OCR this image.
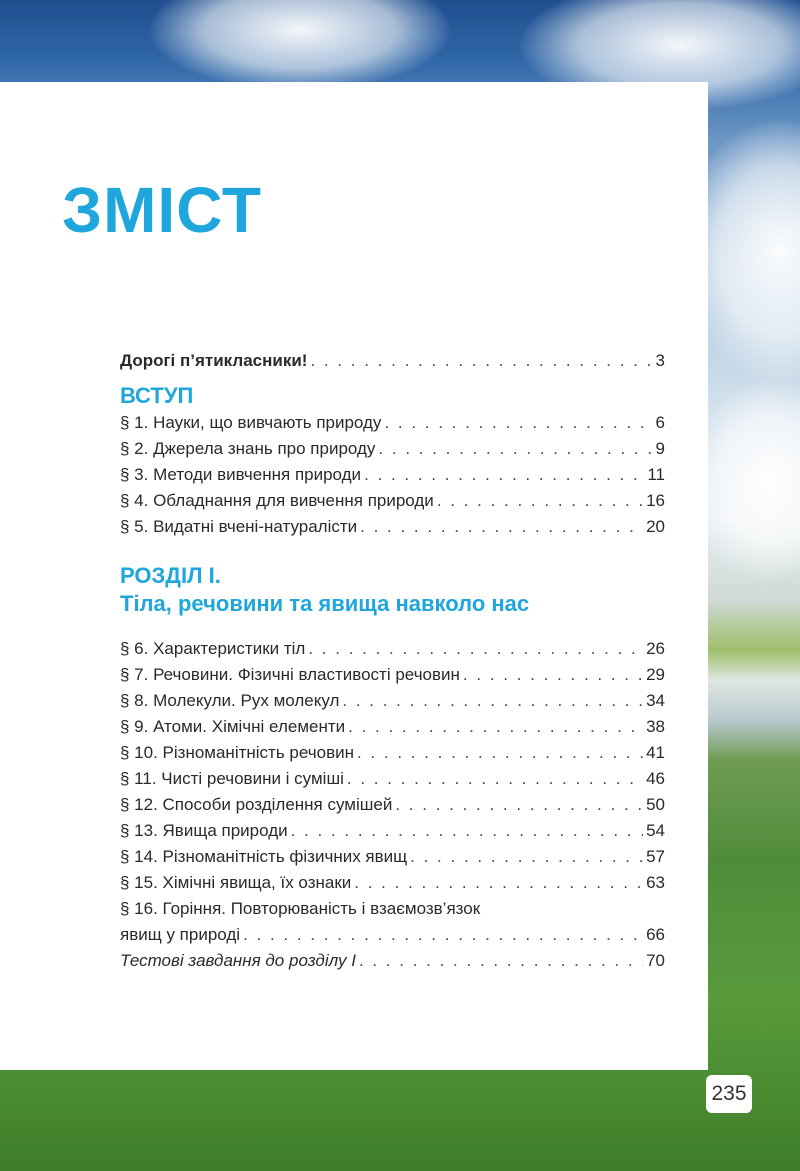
ЗМІСТ
Дорогі п’ятикласники! . . .	3
ВСТУП
§ 1. Науки, що вивчають природу . . .	6
§ 2. Джерела знань про природу . . .	9
§ 3. Методи вивчення природи . . .	11
§ 4. Обладнання для вивчення природи . . .	16
§ 5. Видатні вчені-натуралісти . . .	20
РОЗДІЛ І.
Тіла, речовини та явища навколо нас
§ 6. Характеристики тіл . . .	26
§ 7. Речовини. Фізичні властивості речовин . . .	29
§ 8. Молекули. Рух молекул . . .	34
§ 9. Атоми. Хімічні елементи . . .	38
§ 10. Різноманітність речовин . . .	41
§ 11. Чисті речовини і суміші . . .	46
§ 12. Способи розділення сумішей . . .	50
§ 13. Явища природи . . .	54
§ 14. Різноманітність фізичних явищ . . .	57
§ 15. Хімічні явища, їх ознаки . . .	63
§ 16. Горіння. Повторюваність і взаємозв’язок
явищ у природі . . .	66
Тестові завдання до розділу І . . .	70
235
